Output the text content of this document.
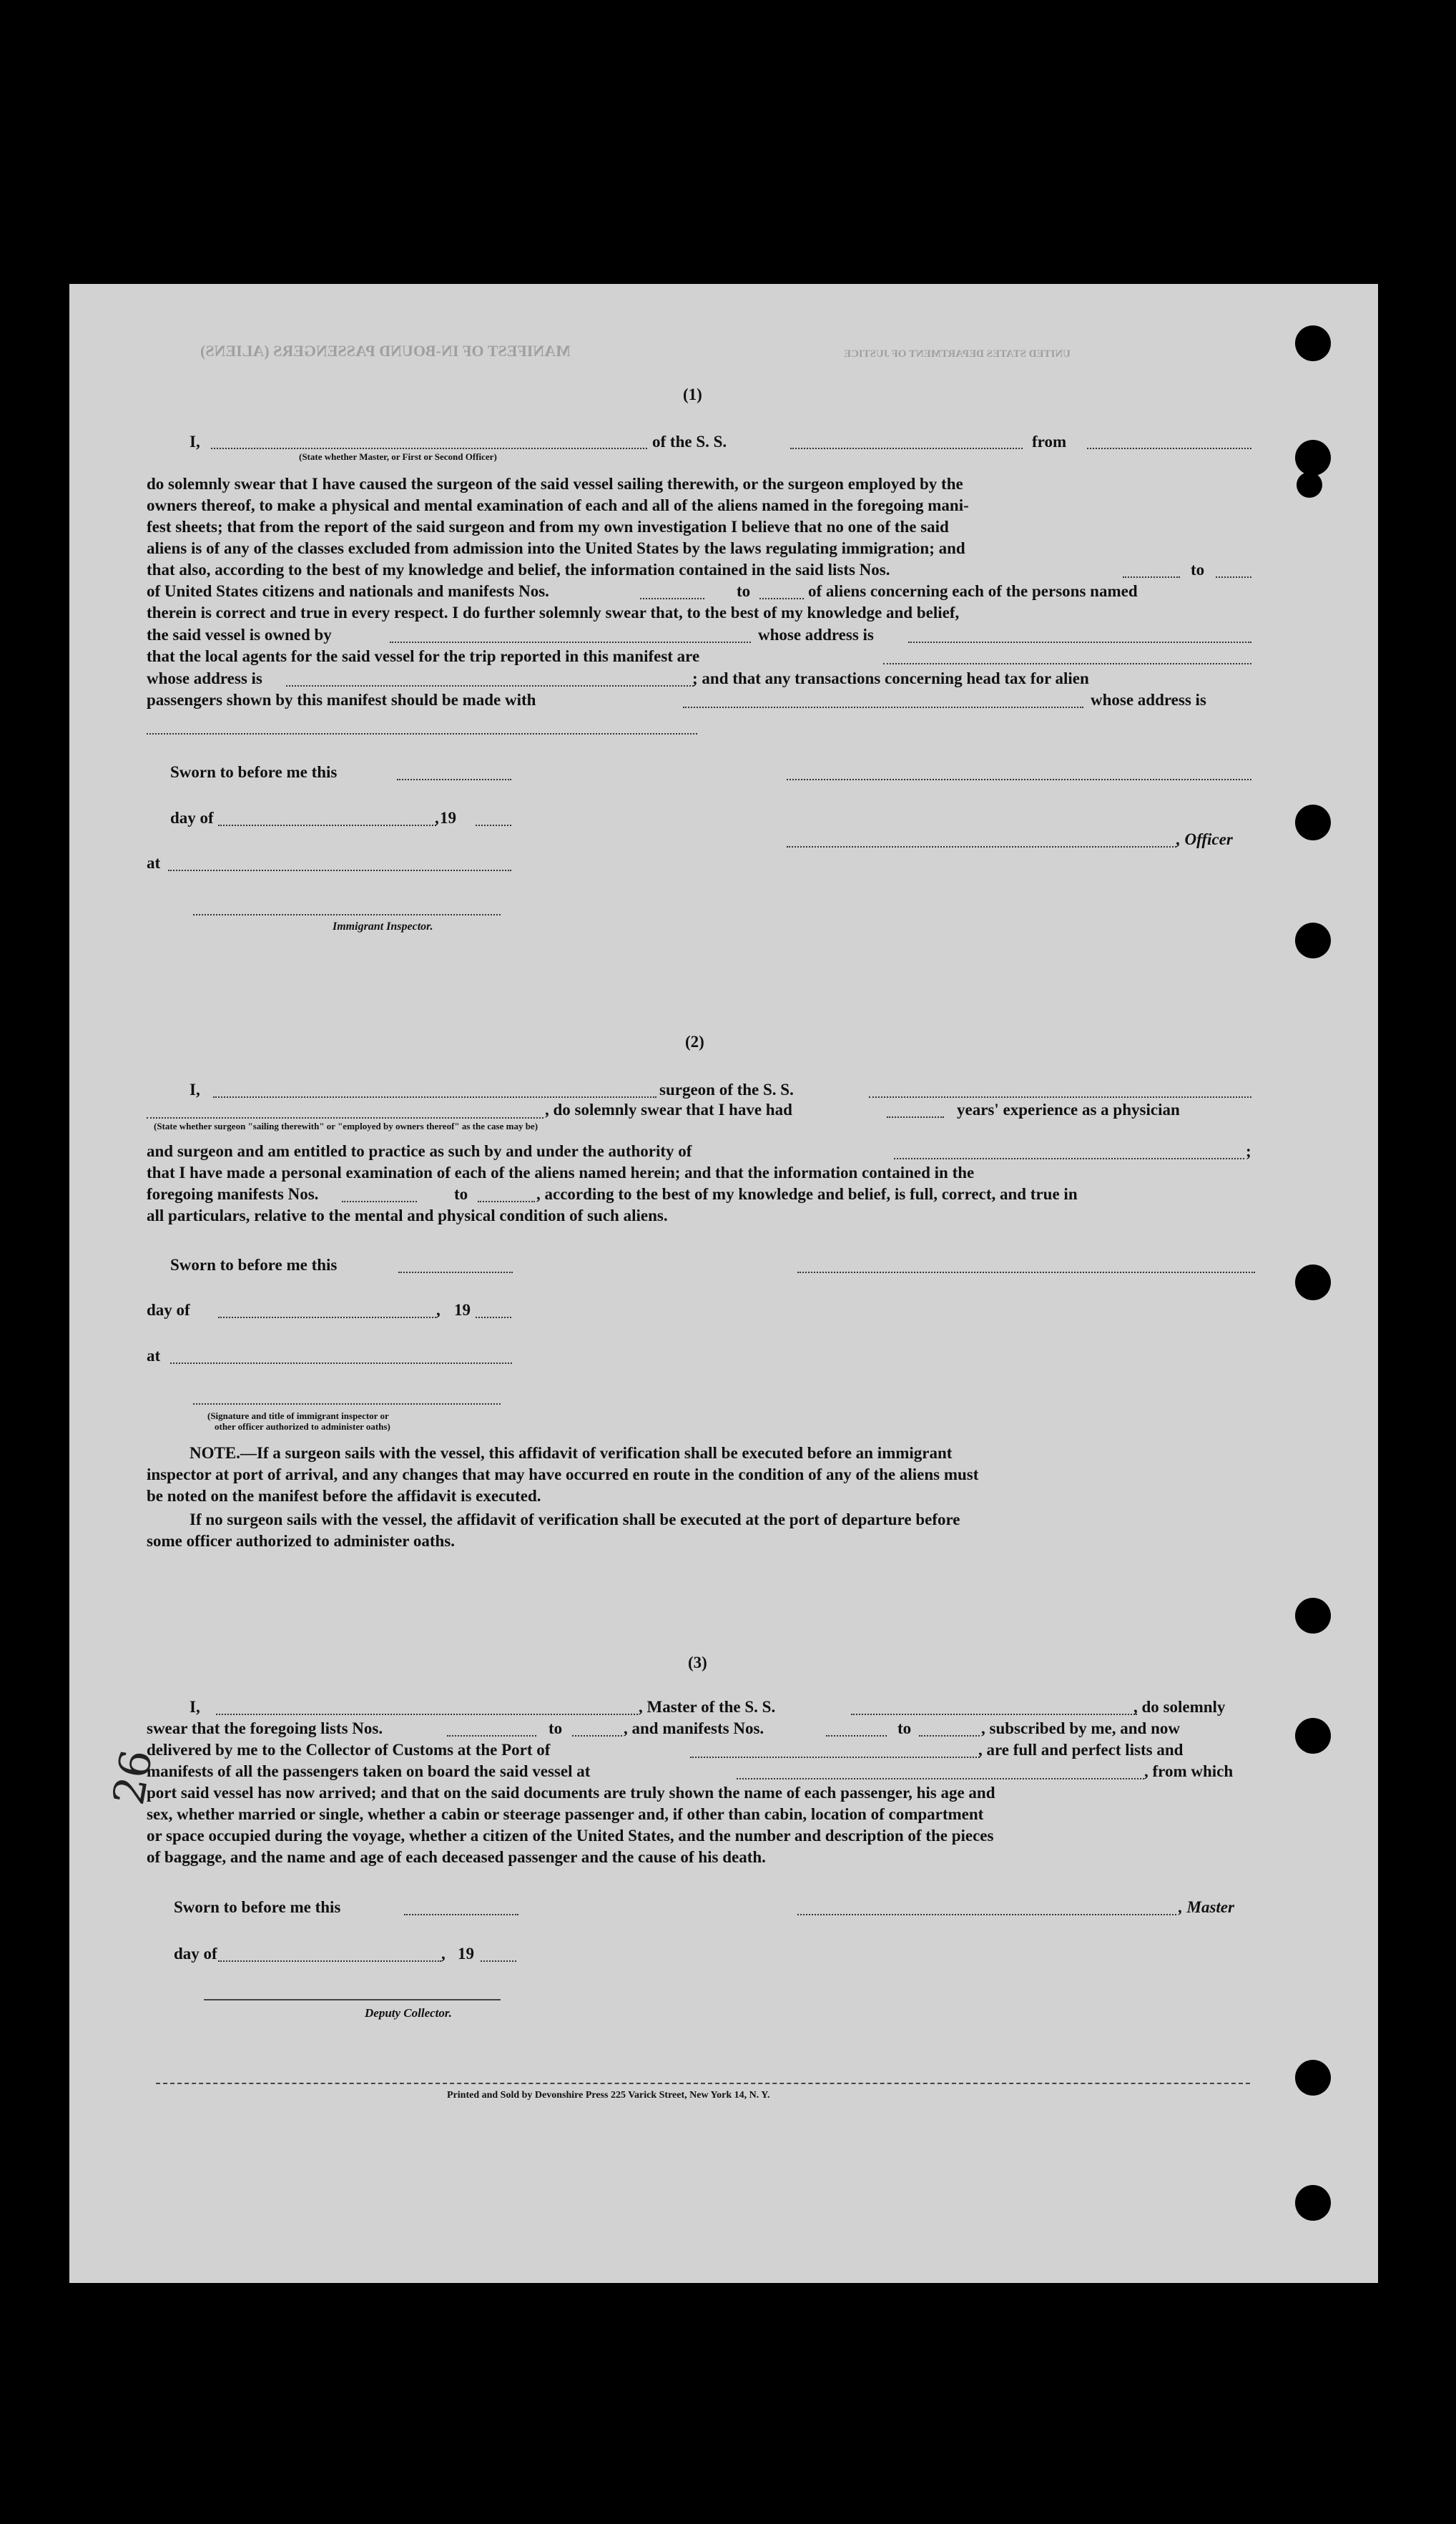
MANIFEST OF IN-BOUND PASSENGERS (ALIENS)	UNITED STATES DEPARTMENT OF JUSTICE
(1)
I,	of the S. S.	from
(State whether Master, or First or Second Officer)
do solemnly swear that I have caused the surgeon of the said vessel sailing therewith, or the surgeon employed by the
owners thereof, to make a physical and mental examination of each and all of the aliens named in the foregoing mani-
fest sheets; that from the report of the said surgeon and from my own investigation I believe that no one of the said
aliens is of any of the classes excluded from admission into the United States by the laws regulating immigration; and
that also, according to the best of my knowledge and belief, the information contained in the said lists Nos.	to
of United States citizens and nationals and manifests Nos.	to	of aliens concerning each of the persons named
therein is correct and true in every respect. I do further solemnly swear that, to the best of my knowledge and belief,
the said vessel is owned by	whose address is
that the local agents for the said vessel for the trip reported in this manifest are
whose address is	; and that any transactions concerning head tax for alien
passengers shown by this manifest should be made with	whose address is
Sworn to before me this
day of	19
,
, Officer
at
Immigrant Inspector.
(2)
I,	surgeon of the S. S.
, do solemnly swear that I have had	years' experience as a physician
(State whether surgeon "sailing therewith" or "employed by owners thereof" as the case may be)
and surgeon and am entitled to practice as such by and under the authority of	;
that I have made a personal examination of each of the aliens named herein; and that the information contained in the
foregoing manifests Nos.	to	, according to the best of my knowledge and belief, is full, correct, and true in
all particulars, relative to the mental and physical condition of such aliens.
Sworn to before me this
day of	, 19
at
(Signature and title of immigrant inspector or
other officer authorized to administer oaths)
NOTE.—If a surgeon sails with the vessel, this affidavit of verification shall be executed before an immigrant
inspector at port of arrival, and any changes that may have occurred en route in the condition of any of the aliens must
be noted on the manifest before the affidavit is executed.
If no surgeon sails with the vessel, the affidavit of verification shall be executed at the port of departure before
some officer authorized to administer oaths.
(3)
I,	, Master of the S. S.	, do solemnly
swear that the foregoing lists Nos.	to	, and manifests Nos.	to	, subscribed by me, and now
delivered by me to the Collector of Customs at the Port of	, are full and perfect lists and
manifests of all the passengers taken on board the said vessel at	, from which
port said vessel has now arrived; and that on the said documents are truly shown the name of each passenger, his age and
sex, whether married or single, whether a cabin or steerage passenger and, if other than cabin, location of compartment
or space occupied during the voyage, whether a citizen of the United States, and the number and description of the pieces
of baggage, and the name and age of each deceased passenger and the cause of his death.
Sworn to before me this	, Master
day of	, 19
Deputy Collector.
Printed and Sold by Devonshire Press 225 Varick Street, New York 14, N. Y.
26
